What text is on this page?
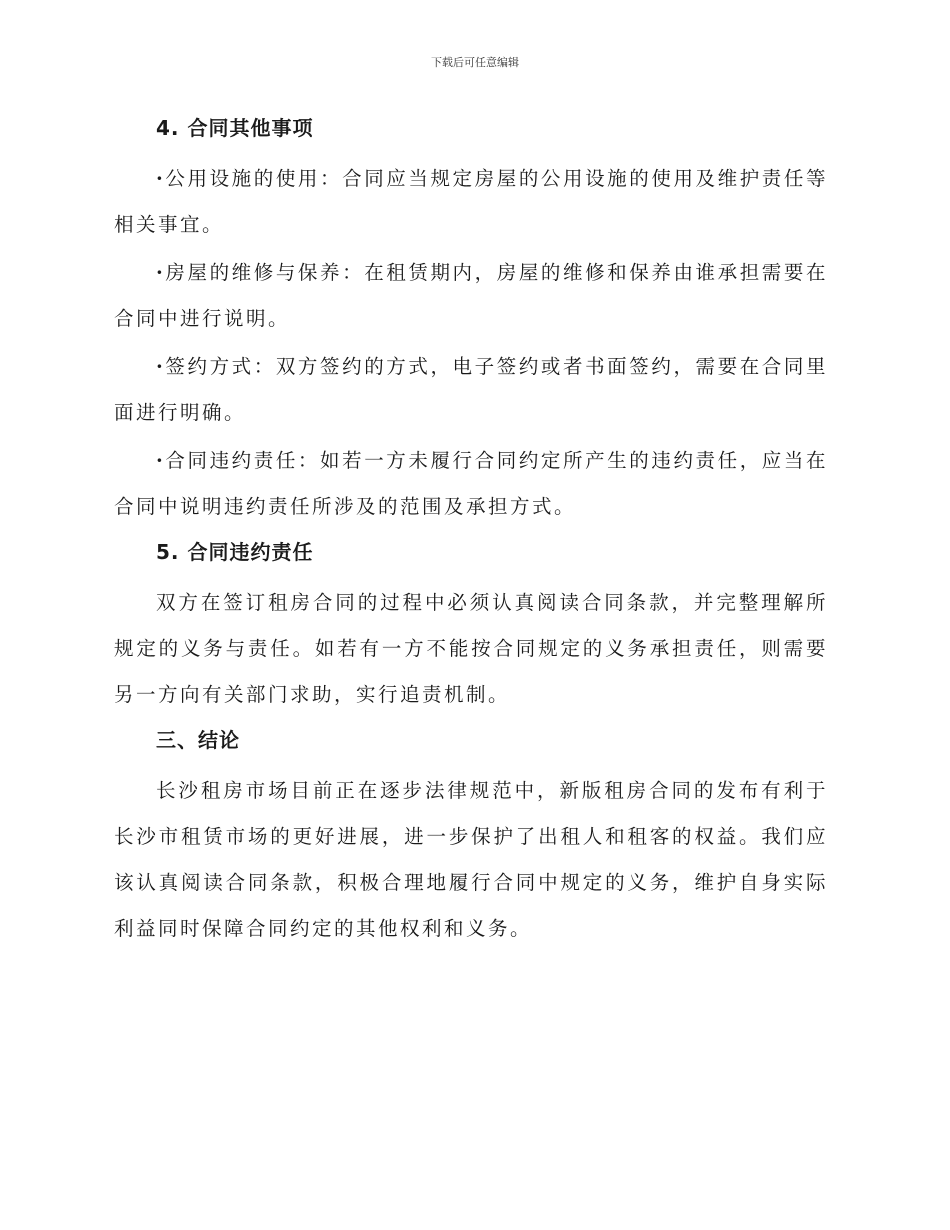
下载后可任意编辑
4. 合同其他事项

·公用设施的使用：合同应当规定房屋的公用设施的使用及维护责任等相关事宜。

·房屋的维修与保养：在租赁期内，房屋的维修和保养由谁承担需要在合同中进行说明。

·签约方式：双方签约的方式，电子签约或者书面签约，需要在合同里面进行明确。

·合同违约责任：如若一方未履行合同约定所产生的违约责任，应当在合同中说明违约责任所涉及的范围及承担方式。

5. 合同违约责任

双方在签订租房合同的过程中必须认真阅读合同条款，并完整理解所规定的义务与责任。如若有一方不能按合同规定的义务承担责任，则需要另一方向有关部门求助，实行追责机制。

三、结论

长沙租房市场目前正在逐步法律规范中，新版租房合同的发布有利于长沙市租赁市场的更好进展，进一步保护了出租人和租客的权益。我们应该认真阅读合同条款，积极合理地履行合同中规定的义务，维护自身实际利益同时保障合同约定的其他权利和义务。
